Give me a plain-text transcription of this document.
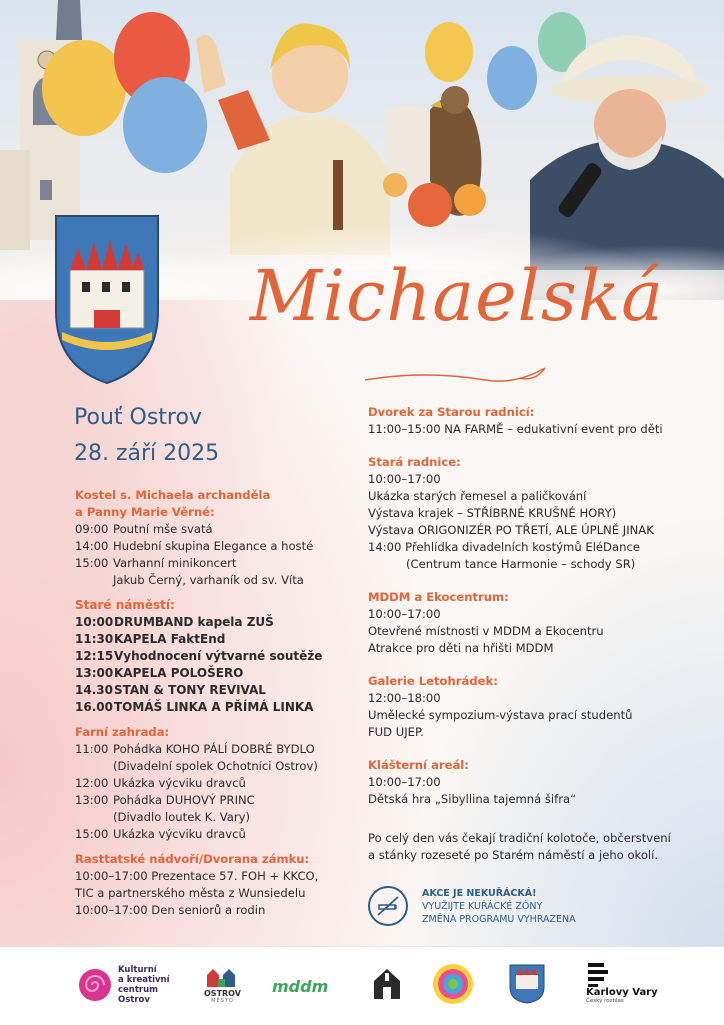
Michaelská
Pouť Ostrov
28. září 2025
Kostel s. Michaela archanděla
a Panny Marie Věrné:
09:00 Poutní mše svatá
14:00 Hudební skupina Elegance a hosté
15:00 Varhanní minikoncert
Jakub Černý, varhaník od sv. Víta
Staré náměstí:
10:00 DRUMBAND kapela ZUŠ
11:30 KAPELA FaktEnd
12:15 Vyhodnocení výtvarné soutěže
13:00 KAPELA POLOŠERO
14.30 STAN & TONY REVIVAL
16.00 TOMÁŠ LINKA A PŘÍMÁ LINKA
Farní zahrada:
11:00 Pohádka KOHO PÁLÍ DOBRÉ BYDLO
(Divadelní spolek Ochotníci Ostrov)
12:00 Ukázka výcviku dravců
13:00 Pohádka DUHOVÝ PRINC
(Divadlo loutek K. Vary)
15:00 Ukázka výcviku dravců
Rasttatské nádvoří/Dvorana zámku:
10:00–17:00 Prezentace 57. FOH + KKCO,
TIC a partnerského města z Wunsiedelu
10:00–17:00 Den seniorů a rodin
Dvorek za Starou radnicí:
11:00–15:00 NA FARMĚ – edukativní event pro děti
Stará radnice:
10:00–17:00
Ukázka starých řemesel a paličkování
Výstava krajek – STŘÍBRNÉ KRUŠNÉ HORY)
Výstava ORIGONIZÉR PO TŘETÍ, ALE ÚPLNĚ JINAK
14:00 Přehlídka divadelních kostýmů EléDance
(Centrum tance Harmonie – schody SR)
MDDM a Ekocentrum:
10:00–17:00
Otevřené místnosti v MDDM a Ekocentru
Atrakce pro děti na hřišti MDDM
Galerie Letohrádek:
12:00–18:00
Umělecké sympozium-výstava prací studentů
FUD UJEP.
Klášterní areál:
10:00–17:00
Dětská hra „Sibyllina tajemná šifra“
Po celý den vás čekají tradiční kolotoče, občerstvení
a stánky rozeseté po Starém náměstí a jeho okolí.
AKCE JE NEKUŘÁCKÁ!
VYUŽIJTE KUŘÁCKÉ ZÓNY
ZMĚNA PROGRAMU VYHRAZENA
Kulturní
a kreativní
centrum
Ostrov
OSTROV
MĚSTO
mddm	Karlovy Vary
Český rozhlas
